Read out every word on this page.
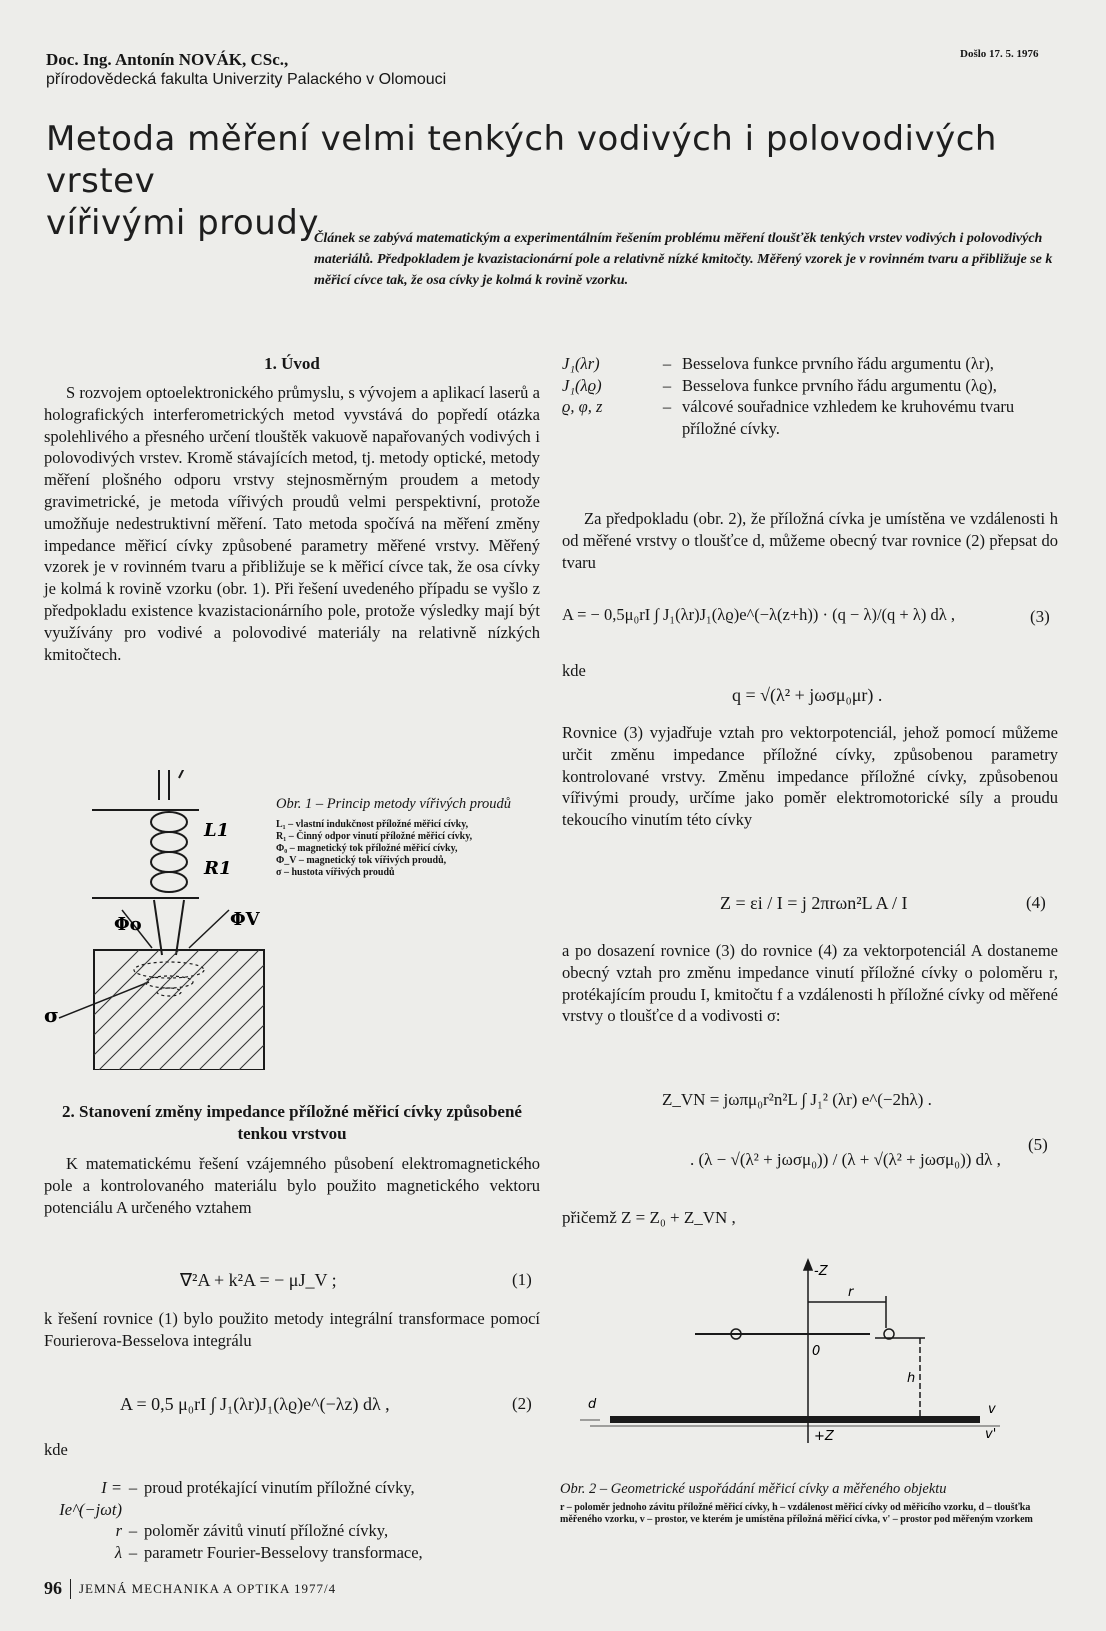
Doc. Ing. Antonín NOVÁK, CSc.,
přírodovědecká fakulta Univerzity Palackého v Olomouci
Došlo 17. 5. 1976
Metoda měření velmi tenkých vodivých i polovodivých vrstev
vířivými proudy
Článek se zabývá matematickým a experimentálním řešením problému měření tloušťěk tenkých vrstev vodivých i polovodivých materiálů. Předpokladem je kvazistacionární pole a relativně nízké kmitočty. Měřený vzorek je v rovinném tvaru a přibližuje se k měřicí cívce tak, že osa cívky je kolmá k rovině vzorku.
1. Úvod
S rozvojem optoelektronického průmyslu, s vývojem a aplikací laserů a holografických interferometrických metod vyvstává do popředí otázka spolehlivého a přesného určení tlouštěk vakuově napařovaných vodivých i polovodivých vrstev. Kromě stávajících metod, tj. metody optické, metody měření plošného odporu vrstvy stejnosměrným proudem a metody gravimetrické, je metoda vířivých proudů velmi perspektivní, protože umožňuje nedestruktivní měření. Tato metoda spočívá na měření změny impedance měřicí cívky způsobené parametry měřené vrstvy. Měřený vzorek je v rovinném tvaru a přibližuje se k měřicí cívce tak, že osa cívky je kolmá k rovině vzorku (obr. 1). Při řešení uvedeného případu se vyšlo z předpokladu existence kvazistacionárního pole, protože výsledky mají být využívány pro vodivé a polovodivé materiály na relativně nízkých kmitočtech.
L1
R1
Φo	ΦV
σ
Obr. 1 – Princip metody vířivých proudů
L₁ – vlastní indukčnost příložné měřicí cívky,
R₁ – Činný odpor vinutí příložné měřicí cívky,
Φ₀ – magnetický tok příložné měřicí cívky,
Φ_V – magnetický tok vířivých proudů,
σ – hustota vířivých proudů
2. Stanovení změny impedance příložné měřicí cívky způsobené tenkou vrstvou
K matematickému řešení vzájemného působení elektromagnetického pole a kontrolovaného materiálu bylo použito magnetického vektoru potenciálu A určeného vztahem
∇²A + k²A = − μJ_V ;	(1)
k řešení rovnice (1) bylo použito metody integrální transformace pomocí Fourierova-Besselova integrálu
A = 0,5 μ₀rI ∫ J₁(λr)J₁(λϱ)e^(−λz) dλ ,	(2)
kde
I = Ie^(−jωt)	–	proud protékající vinutím příložné cívky,
r	–	poloměr závitů vinutí příložné cívky,
λ	–	parametr Fourier-Besselovy transformace,
J₁(λr)	–	Besselova funkce prvního řádu argumentu (λr),
J₁(λϱ)	–	Besselova funkce prvního řádu argumentu (λϱ),
ϱ, φ, z	–	válcové souřadnice vzhledem ke kruhovému tvaru příložné cívky.
Za předpokladu (obr. 2), že příložná cívka je umístěna ve vzdálenosti h od měřené vrstvy o tloušťce d, můžeme obecný tvar rovnice (2) přepsat do tvaru
A = − 0,5μ₀rI ∫ J₁(λr)J₁(λϱ)e^(−λ(z+h)) · (q − λ)/(q + λ) dλ ,	(3)
kde
q = √(λ² + jωσμ₀μr) .
Rovnice (3) vyjadřuje vztah pro vektorpotenciál, jehož pomocí můžeme určit změnu impedance příložné cívky, způsobenou parametry kontrolované vrstvy. Změnu impedance příložné cívky, způsobenou vířivými proudy, určíme jako poměr elektromotorické síly a proudu tekoucího vinutím této cívky
Z = εi / I = j 2πrωn²L A / I	(4)
a po dosazení rovnice (3) do rovnice (4) za vektorpotenciál A dostaneme obecný vztah pro změnu impedance vinutí příložné cívky o poloměru r, protékajícím proudu I, kmitočtu f a vzdálenosti h příložné cívky od měřené vrstvy o tloušťce d a vodivosti σ:
Z_VN = jωπμ₀r²n²L ∫ J₁² (λr) e^(−2hλ) .
. (λ − √(λ² + jωσμ₀)) / (λ + √(λ² + jωσμ₀)) dλ ,
(5)
přičemž Z = Z₀ + Z_VN ,
-Z
+Z
r
0
h
d	v
v'
Obr. 2 – Geometrické uspořádání měřicí cívky a měřeného objektu
r – poloměr jednoho závitu příložné měřicí cívky, h – vzdálenost měřicí cívky od měřicího vzorku, d – tloušťka měřeného vzorku, v – prostor, ve kterém je umístěna příložná měřicí cívka, v' – prostor pod měřeným vzorkem
96 JEMNÁ MECHANIKA A OPTIKA 1977/4
